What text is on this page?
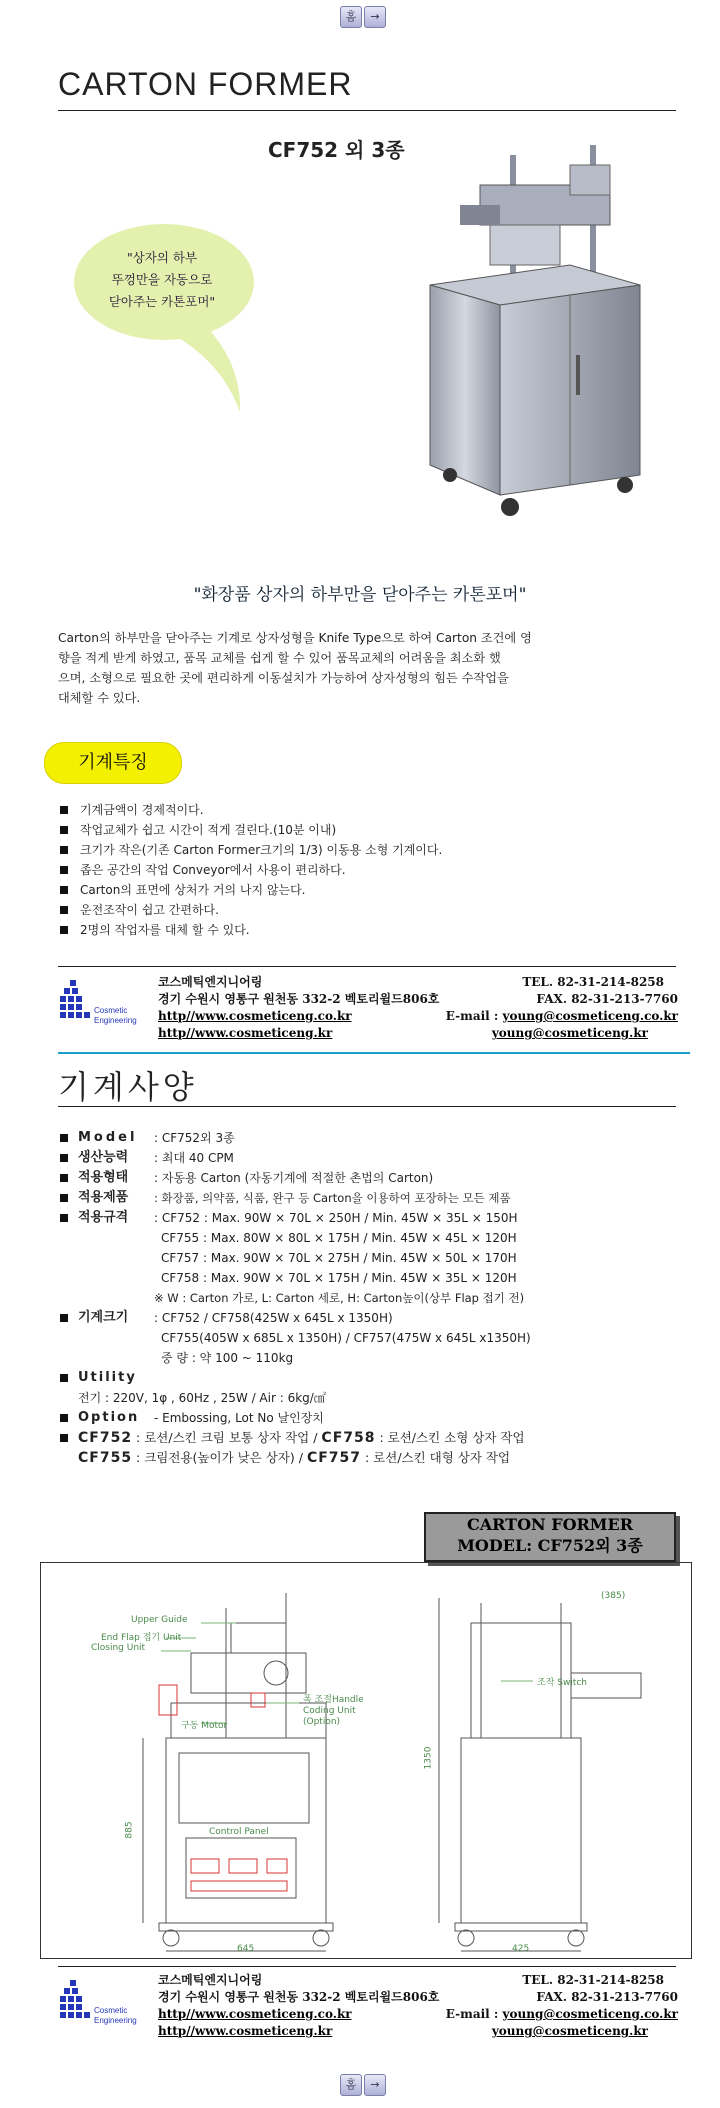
홈	→
CARTON FORMER
CF752 외 3종
"상자의 하부
뚜껑만을 자동으로
닫아주는 카톤포머"
"화장품 상자의 하부만을 닫아주는 카톤포머"
Carton의 하부만을 닫아주는 기계로 상자성형을 Knife Type으로 하여 Carton 조건에 영
향을 적게 받게 하였고, 품목 교체를 쉽게 할 수 있어 품목교체의 어려움을 최소화 했
으며, 소형으로 필요한 곳에 편리하게 이동설치가 가능하여 상자성형의 힘든 수작업을
대체할 수 있다.
기계특징
기계금액이 경제적이다.
작업교체가 쉽고 시간이 적게 걸린다.(10분 이내)
크기가 작은(기존 Carton Former크기의 1/3) 이동용 소형 기계이다.
좁은 공간의 작업 Conveyor에서 사용이 편리하다.
Carton의 표면에 상처가 거의 나지 않는다.
운전조작이 쉽고 간편하다.
2명의 작업자를 대체 할 수 있다.
Cosmetic
Engineering
코스메틱엔지니어링	TEL. 82-31-214-8258
경기 수원시 영통구 원천동 332-2 벡토리윌드806호	FAX. 82-31-213-7760
http//www.cosmeticeng.co.kr	E-mail : young@cosmeticeng.co.kr
http//www.cosmeticeng.kr	young@cosmeticeng.kr
기계사양
Model	: CF752외 3종
생산능력	: 최대 40 CPM
적용형태	: 자동용 Carton (자동기계에 적절한 촌법의 Carton)
적용제품	: 화장품, 의약품, 식품, 완구 등 Carton을 이용하여 포장하는 모든 제품
적용규격	: CF752 : Max. 90W × 70L × 250H / Min. 45W × 35L × 150H
CF755 : Max. 80W × 80L × 175H / Min. 45W × 45L × 120H
CF757 : Max. 90W × 70L × 275H / Min. 45W × 50L × 170H
CF758 : Max. 90W × 70L × 175H / Min. 45W × 35L × 120H
※ W : Carton 가로, L: Carton 세로, H: Carton높이(상부 Flap 접기 전)
기계크기	: CF752 / CF758(425W x 645L x 1350H)
CF755(405W x 685L x 1350H) / CF757(475W x 645L x1350H)
중 량 : 약 100 ~ 110kg
Utility
전기 : 220V, 1φ , 60Hz , 25W / Air : 6kg/㎠
Option	- Embossing, Lot No 날인장치
CF752
: 로션/스킨 크림 보통 상자 작업 /
CF758
: 로션/스킨 소형 상자 작업
CF755
: 크림전용(높이가 낮은 상자) /
CF757
: 로션/스킨 대형 상자 작업
CARTON FORMER
MODEL: CF752외 3종
Upper Guide
End Flap 접기 Unit
Closing Unit
폭 조절Handle
Coding Unit
(Option)
구동 Motor
Control Panel
조작 Switch
645	425
885
1350
(385)
Cosmetic
Engineering
코스메틱엔지니어링	TEL. 82-31-214-8258
경기 수원시 영통구 원천동 332-2 벡토리윌드806호	FAX. 82-31-213-7760
http//www.cosmeticeng.co.kr	E-mail : young@cosmeticeng.co.kr
http//www.cosmeticeng.kr	young@cosmeticeng.kr
홈	→
